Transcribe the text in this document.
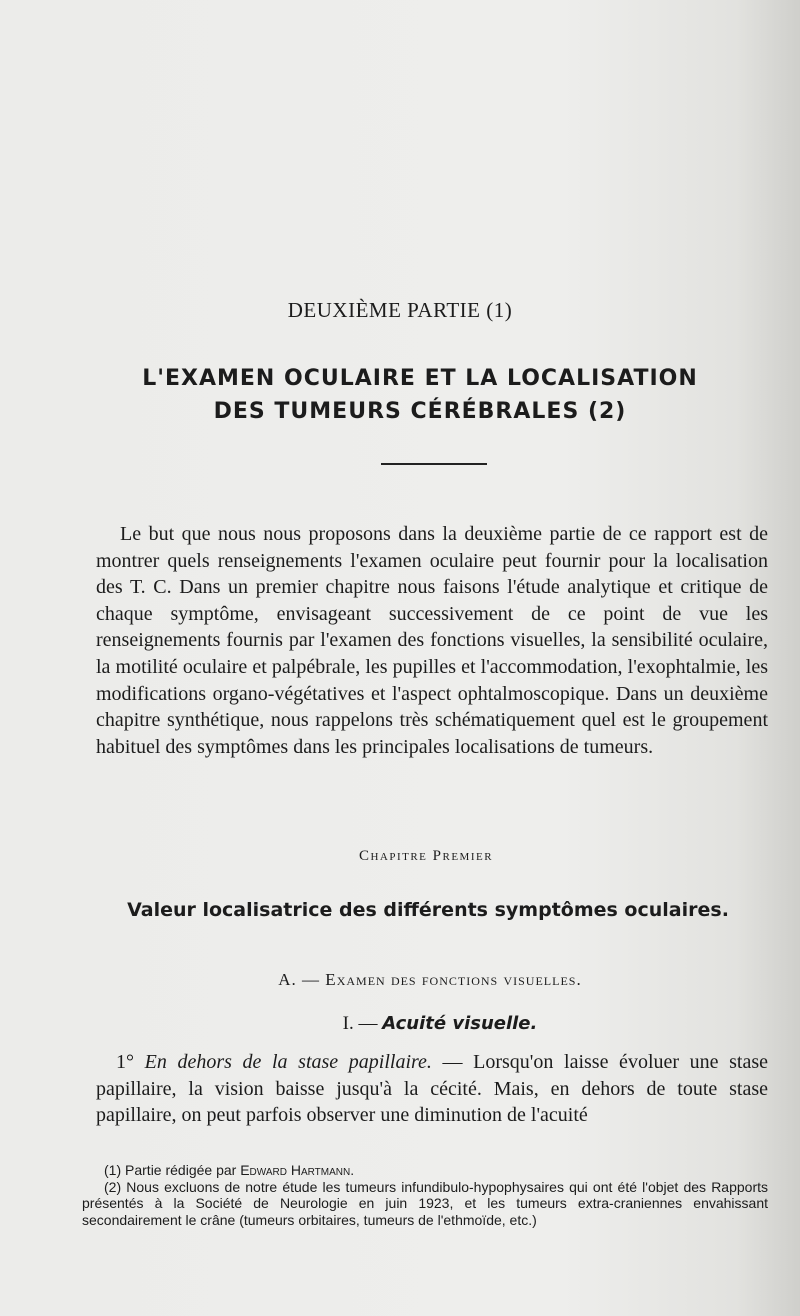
DEUXIÈME PARTIE (1)
L'EXAMEN OCULAIRE ET LA LOCALISATION
DES TUMEURS CÉRÉBRALES (2)

Le but que nous nous proposons dans la deuxième partie de ce rapport est de montrer quels renseignements l'examen oculaire peut fournir pour la localisation des T. C. Dans un premier chapitre nous faisons l'étude analytique et critique de chaque symptôme, envisageant successivement de ce point de vue les renseignements fournis par l'examen des fonctions visuelles, la sensibilité oculaire, la motilité oculaire et palpébrale, les pupilles et l'accommodation, l'exophtalmie, les modifications organo-végétatives et l'aspect ophtalmoscopique. Dans un deuxième chapitre synthétique, nous rappelons très schématiquement quel est le groupement habituel des symptômes dans les principales localisations de tumeurs.

Chapitre Premier
Valeur localisatrice des différents symptômes oculaires.
A. — Examen des fonctions visuelles.
I. — Acuité visuelle.

1° En dehors de la stase papillaire. — Lorsqu'on laisse évoluer une stase papillaire, la vision baisse jusqu'à la cécité. Mais, en dehors de toute stase papillaire, on peut parfois observer une diminution de l'acuité

(1) Partie rédigée par Edward Hartmann.

(2) Nous excluons de notre étude les tumeurs infundibulo-hypophysaires qui ont été l'objet des Rapports présentés à la Société de Neurologie en juin 1923, et les tumeurs extra-craniennes envahissant secondairement le crâne (tumeurs orbitaires, tumeurs de l'ethmoïde, etc.)
